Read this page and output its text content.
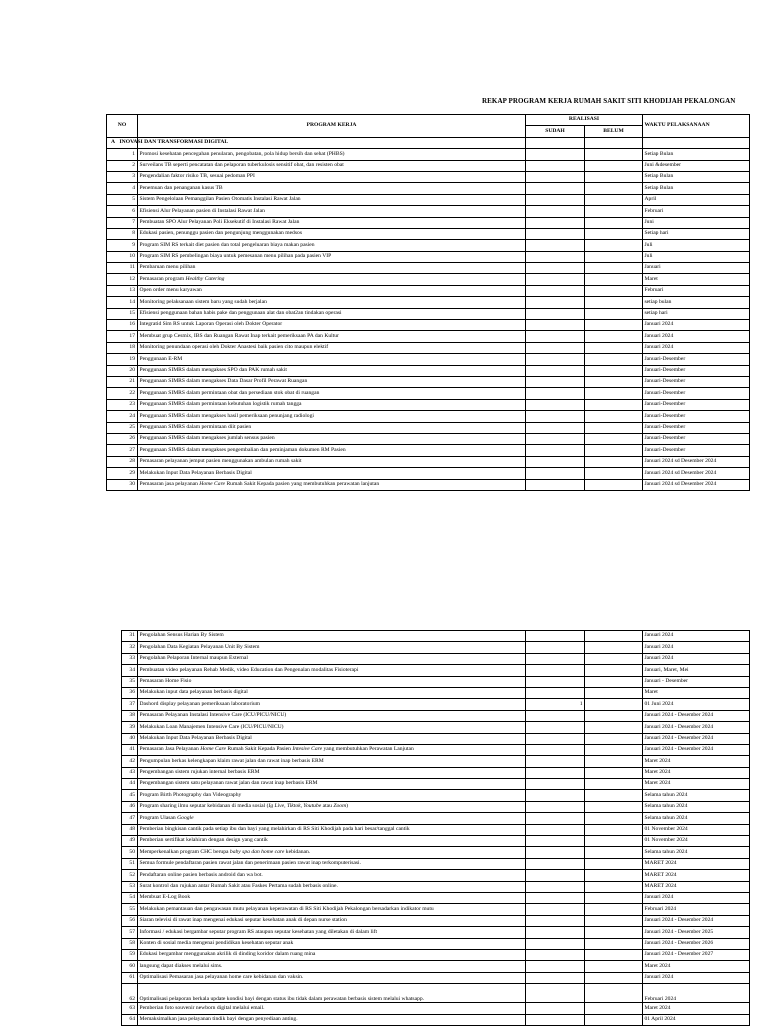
REKAP PROGRAM KERJA RUMAH SAKIT SITI KHODIJAH PEKALONGAN
NO	PROGRAM KERJA	REALISASI		WAKTU PELAKSANAAN
		SUDAH	BELUM	
A	INOVASI DAN TRANSFORMASI DIGITAL			
1	Promosi kesehatan pencegahan penularan, pengobatan, pola hidup bersih dan sehat (PHBS)			Setiap Bulan
2	Surveilans TB seperti pencatatan dan pelaporan tuberkulosis sensitif obat, dan resisten obat			Juni &desember
3	Pengendalian faktor risiko TB, sesuai pedoman PPI			Setiap Bulan
4	Penemuan dan penanganan kasus TB			Setiap Bulan
5	Sistem Pengelolaan Pemanggilan Pasien Otomatis Instalasi Rawat Jalan			April
6	Efisiensi Alur Pelayanan pasien di Instalasi Rawat Jalan			Februari
7	Pembuatan SPO Alur Pelayanan Poli Eksekutif di Instalasi Rawat Jalan			Juni
8	Edukasi pasien, penunggu pasien dan pengunjung menggunakan medsos			Setiap hari
9	Program SIM RS terkait diet pasien dan total pengeluaran biaya makan pasien			Juli
10	Program SIM RS pembelingan biaya untuk pemesanan menu pilihan pada pasien VIP			Juli
11	Pembaruan menu pilihan			Januari
12	Pemasaran program Healthy Catering			Maret
13	Open order menu karyawan			Februari
14	Monitoring pelaksanaan sistem baru yang sudah berjalan			setiap bulan
15	Efisiensi penggunaan bahan habis pake dan penggunaan alat dan obat2an tindakan operasi			setiap hari
16	Integratid Sim RS untuk Laporan Operasi oleh Dokter Operator			Januari 2024
17	Membuat grup Cesmix, IBS dan Ruangan Rawat Inap terkait pemeriksaan PA dan Kultur			Januari 2024
18	Monitoring penundaan operasi oleh Dokter Anastesi baik pasien cito maupun elektif			Januari 2024
19	Penggunaan E-RM			Januari-Desember
20	Penggunaan SIMRS dalam mengakses SPO dan PAK rumah sakit			Januari-Desember
21	Penggunaan SIMRS dalam mengakses Data Dasar Profil Perawat Ruangan			Januari-Desember
22	Penggunaan SIMRS dalam permintaan obat dan persediaan stok obat di ruangan			Januari-Desember
23	Penggunaan SIMRS dalam permintaan kebutuhan logistik rumah tangga			Januari-Desember
24	Penggunaan SIMRS dalam mengakses hasil pemeriksaan penunjang radiologi			Januari-Desember
25	Penggunaan SIMRS dalam permintaan diit pasien			Januari-Desember
26	Penggunaan SIMRS dalam mengakses jumlah sensus pasien			Januari-Desember
27	Penggunaan SIMRS dalam mengakses pengembalian dan peminjaman dokumen RM Pasien			Januari-Desember
28	Pemasaran pelayanan jemput pasien menggunakan ambulan rumah sakit			Januari 2024 sd Desember 2024
29	Melakukan Input Data Pelayanan Berbasis Digital			Januari 2024 sd Desember 2024
30	Pemasaran jasa pelayanan Home Care Rumah Sakit Kepada pasien yang membutuhkan perawatan lanjutan			Januari 2024 sd Desember 2024
31	Pengolahan Sensus Harian By Sistem			Januari 2024
32	Pengolahan Data Kegiatan Pelayanan Unit By Sistem			Januari 2024
33	Pengolahan Pelaporan Internal maupun External			Januari 2024
34	Pembuatan video pelayanan Rehab Medik, video Education dan Pengenalan modalitas Fisioterapi			Januari, Maret, Mei
35	Pemasaran Home Fisio			Januari - Desember
36	Melakukan input data pelayanan berbasis digital			Maret
37	Dashord display pelayanan pemeriksaan laboratorium	1		01 Juni 2024
38	Pemasaran Pelayanan Instalasi Intensive Care (ICU/PICU/NICU)			Januari 2024 - Desember 2024
39	Melakukan Loan Manajemen Intensive Care (ICU/PICU/NICU)			Januari 2024 - Desember 2024
40	Melakukan Input Data Pelayanan Berbasis Digital			Januari 2024 - Desember 2024
41	Pemasaran Jasa Pelayanan Home Care Rumah Sakit Kepada Pasien Intesive Care yang membutuhkan Perawatan Lanjutan			Januari 2024 - Desember 2024
42	Pengumpulan berkas kelengkapan klaim rawat jalan dan rawat inap berbasis ERM			Maret 2024
43	Pengembangan sistem rujukan internal berbasis ERM			Maret 2024
44	Pengembangan sistem satu pelayanan rawat jalan dan rawat inap berbasis ERM			Maret 2024
45	Program Birth Photography dan Videography			Selama tahun 2024
46	Program sharing ilmu seputar kebidanan di media sosial (Ig Live, Tiktok, Youtube atau Zoom)			Selama tahun 2024
47	Program Ulasan Google			Selama tahun 2024
48	Pemberian bingkisan cantik pada setiap ibu dan bayi yang melahirkan di RS Siti Khodijah pada hari besar/tanggal cantik			01 November 2024
49	Pemberian sertifikat kelahiran dengan design yang cantik			01 November 2024
50	Memperkenalkan program CHC berupa baby spa dan home care kebidanan.			Selama tahun 2024
51	Semua formule pendaftaran pasien rawat jalan dan penerimaan pasien rawat inap terkomputerisasi.			MARET 2024
52	Pendaftaran online pasien berbasis android dan wa bot.			MARET 2024
53	Surat kontrol dan rujukan antar Rumah Sakit atau Faskes Pertama sudah berbasis online.			MARET 2024
54	Membuat E-Log Book			Januari 2024
55	Melakukan pemantauan dan pengawasan mutu pelayanan keperawatan di RS Siti Khodijah Pekalongan bersadarkan indikator mutu			Februari 2024
56	Siaran televisi di rawat inap mengenai edukasi seputar kesehatan anak di depan nurse station			Januari 2024 - Desember 2024
57	Informasi / edukasi bergambar seputar program RS ataupun seputar kesehatan yang diletakan di dalam lift			Januari 2024 - Desember 2025
58	Konten di sosial media mengenai pendidikan kesehatan seputar anak			Januari 2024 - Desember 2026
59	Edukasi bergambar menggunakan akrilik di dinding koridor dalam ruang mina			Januari 2024 - Desember 2027
60	langsung dapat diakses melalui sims.			Maret 2024
61	Optimalisasi Pemasaran jasa pelayanan home care kebidanan dan vaksin.			Januari 2024
62	Optimalisasi pelaporan berkala update kondisi bayi dengan status ibu tidak dalam perawatan berbasis sistem melalui whatsapp.			Februari 2024
63	Pemberian foto souvenir newborn digital melalui email.			Maret 2024
64	Memaksimalkan jasa pelayanan tindik bayi dengan penyediaan anting.			01 April 2024
